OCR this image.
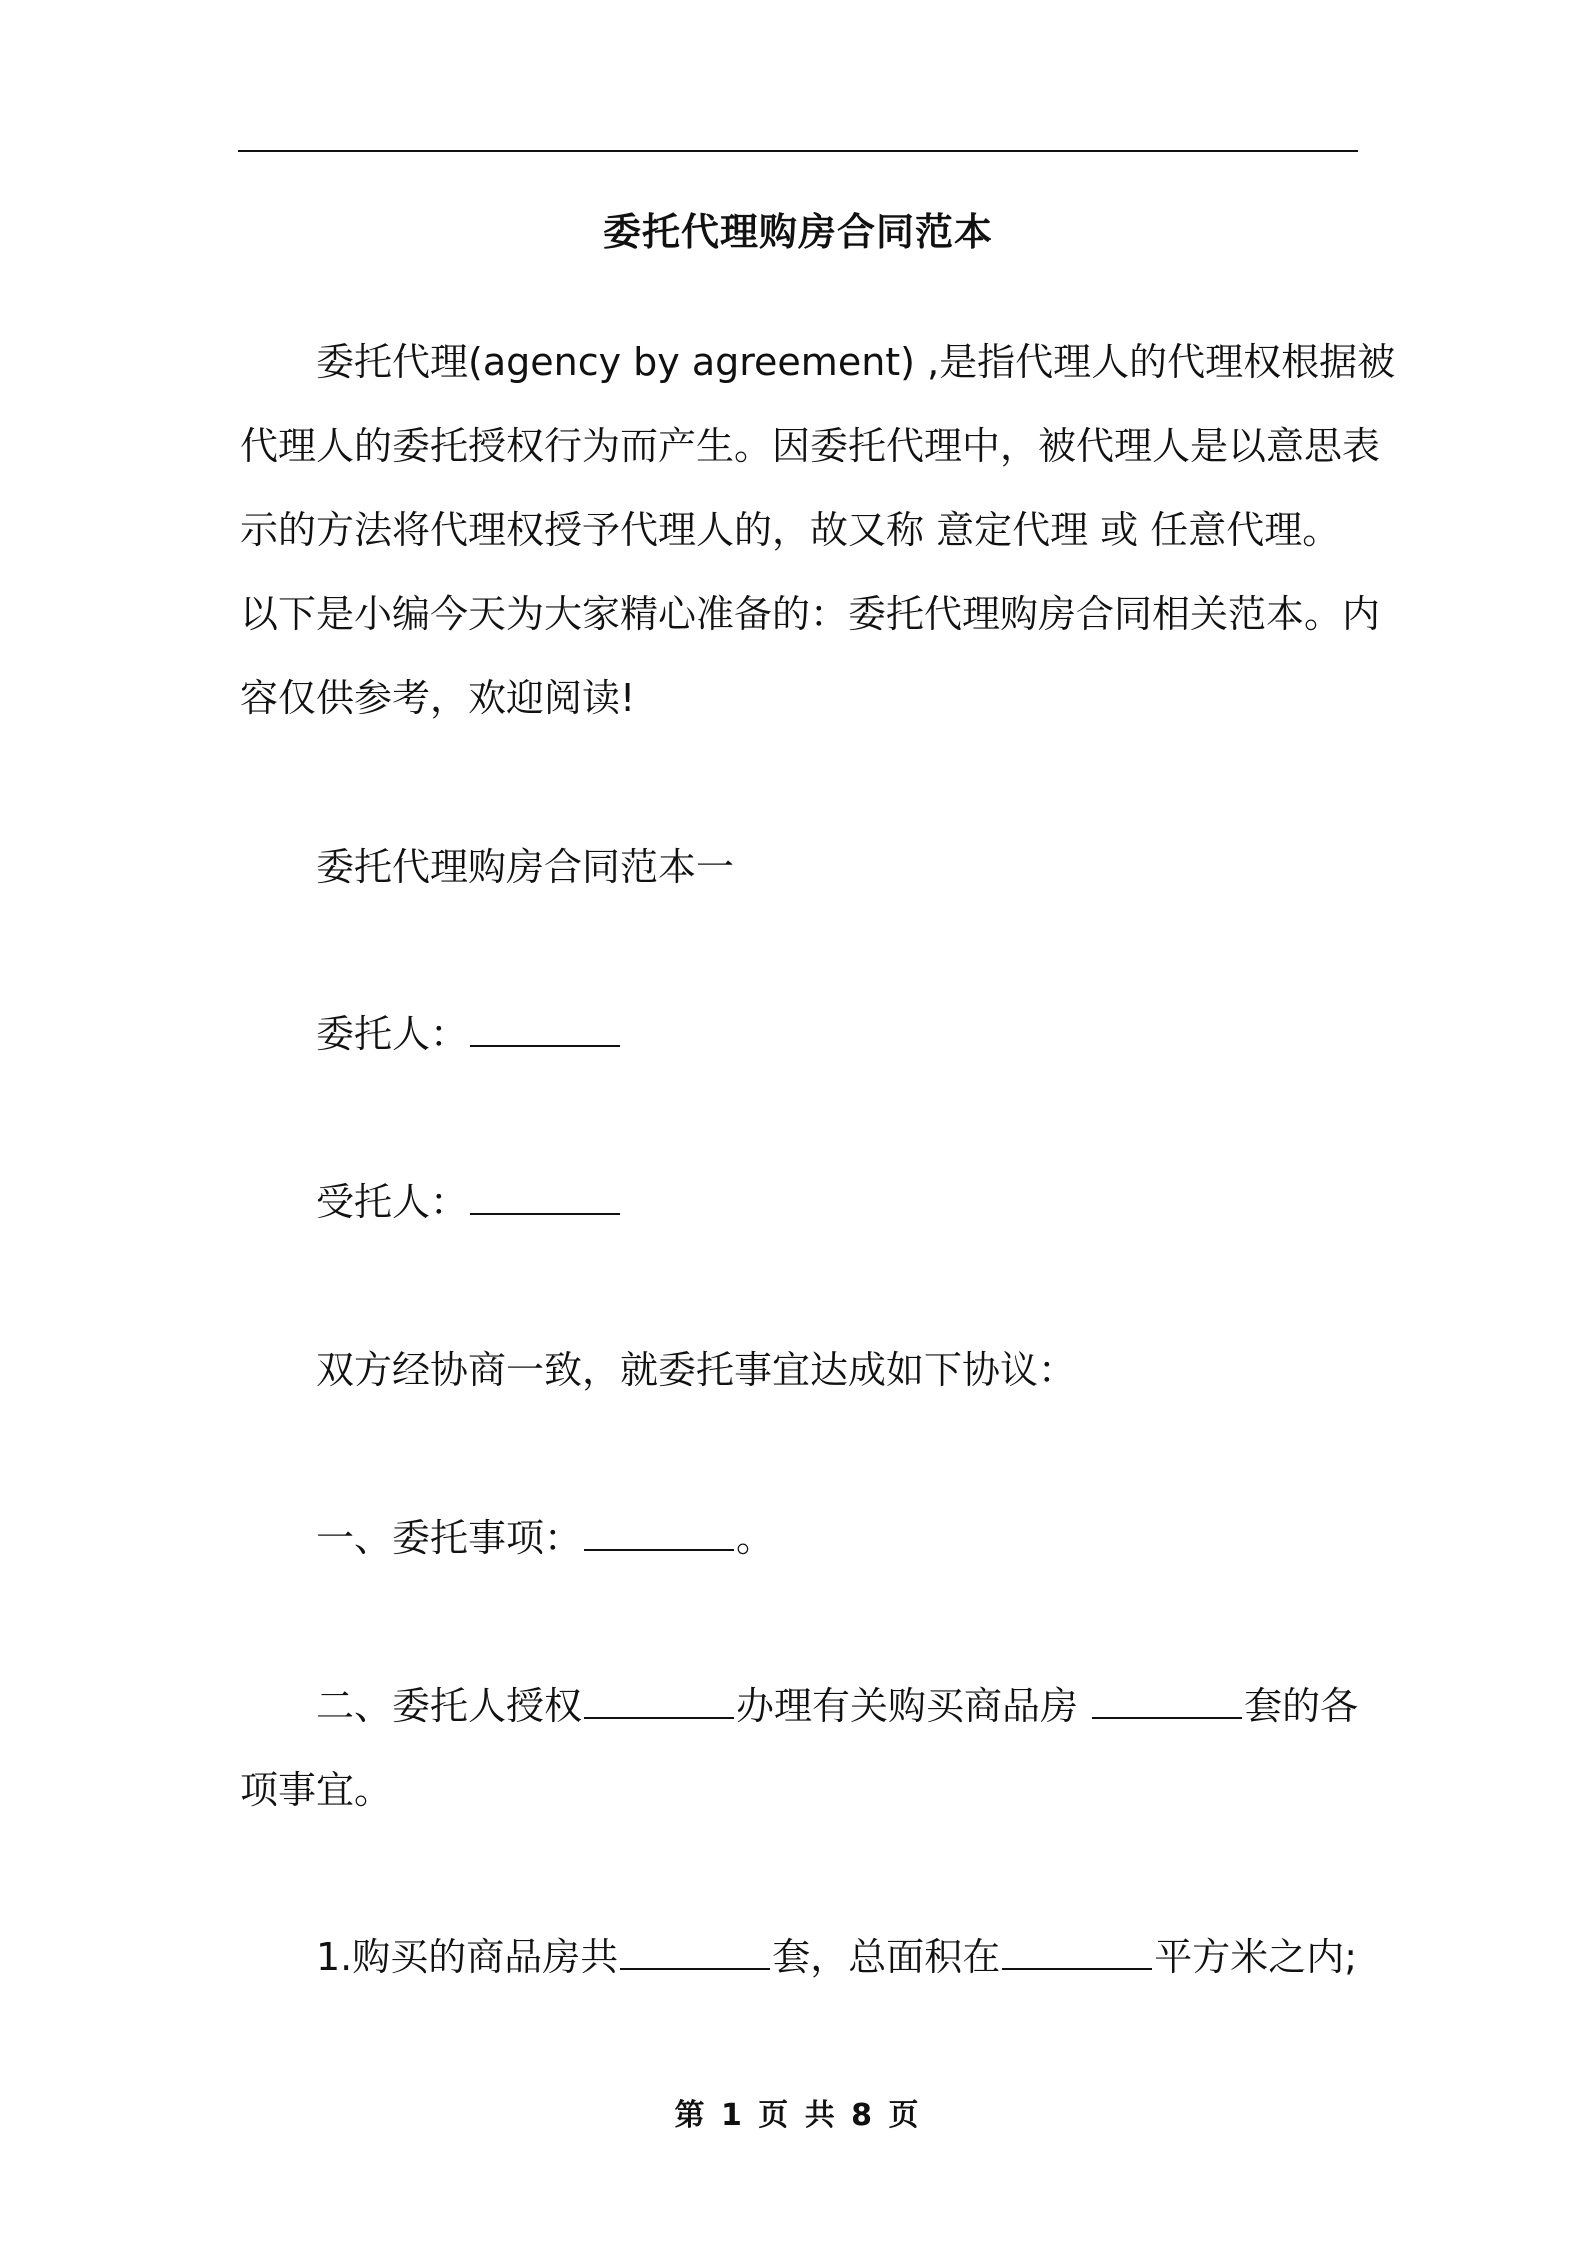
委托代理购房合同范本
委托代理(agency by agreement) ,是指代理人的代理权根据被
代理人的委托授权行为而产生。因委托代理中，被代理人是以意思表
示的方法将代理权授予代理人的，故又称 意定代理 或 任意代理。
以下是小编今天为大家精心准备的：委托代理购房合同相关范本。内
容仅供参考，欢迎阅读!
委托代理购房合同范本一
委托人：
受托人：
双方经协商一致，就委托事宜达成如下协议：
一、委托事项：	。
二、委托人授权	办理有关购买商品房	套的各
项事宜。
1.购买的商品房共	套，总面积在	平方米之内;
第 1 页 共 8 页
